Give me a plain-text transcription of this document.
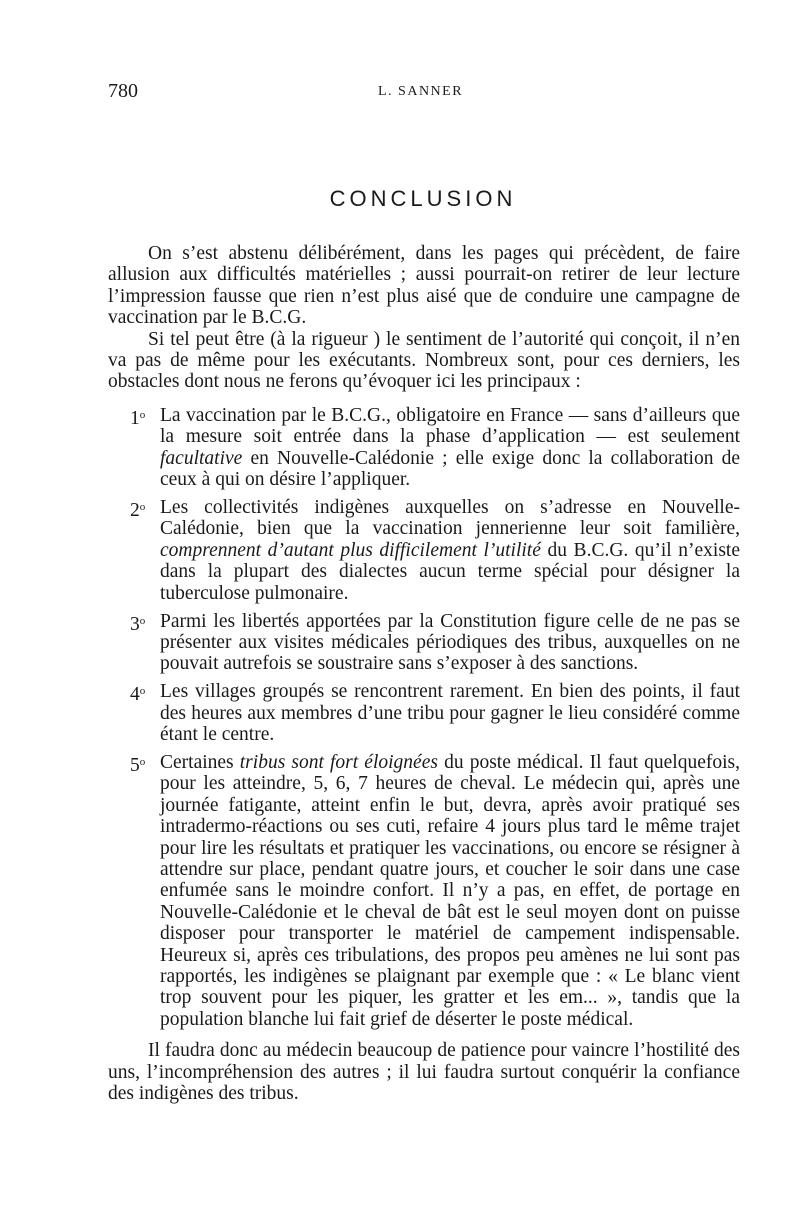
780	L. SANNER
CONCLUSION

On s’est abstenu délibérément, dans les pages qui précèdent, de faire allusion aux difficultés matérielles ; aussi pourrait-on retirer de leur lecture l’impression fausse que rien n’est plus aisé que de conduire une campagne de vaccination par le B.C.G.

Si tel peut être (à la rigueur ) le sentiment de l’autorité qui conçoit, il n’en va pas de même pour les exécutants. Nombreux sont, pour ces derniers, les obstacles dont nous ne ferons qu’évoquer ici les principaux :

1$^o$ La vaccination par le B.C.G., obligatoire en France — sans d’ailleurs que la mesure soit entrée dans la phase d’application — est seulement facultative en Nouvelle-Calédonie ; elle exige donc la collaboration de ceux à qui on désire l’appliquer.
2$^o$ Les collectivités indigènes auxquelles on s’adresse en Nouvelle-Calédonie, bien que la vaccination jennerienne leur soit familière, comprennent d’autant plus difficilement l’utilité du B.C.G. qu’il n’existe dans la plupart des dialectes aucun terme spécial pour désigner la tuberculose pulmonaire.
3$^o$ Parmi les libertés apportées par la Constitution figure celle de ne pas se présenter aux visites médicales périodiques des tribus, auxquelles on ne pouvait autrefois se soustraire sans s’exposer à des sanctions.
4$^o$ Les villages groupés se rencontrent rarement. En bien des points, il faut des heures aux membres d’une tribu pour gagner le lieu considéré comme étant le centre.
5$^o$ Certaines tribus sont fort éloignées du poste médical. Il faut quelquefois, pour les atteindre, 5, 6, 7 heures de cheval. Le médecin qui, après une journée fatigante, atteint enfin le but, devra, après avoir pratiqué ses intradermo-réactions ou ses cuti, refaire 4 jours plus tard le même trajet pour lire les résultats et pratiquer les vaccinations, ou encore se résigner à attendre sur place, pendant quatre jours, et coucher le soir dans une case enfumée sans le moindre confort. Il n’y a pas, en effet, de portage en Nouvelle-Calédonie et le cheval de bât est le seul moyen dont on puisse disposer pour transporter le matériel de campement indispensable. Heureux si, après ces tribulations, des propos peu amènes ne lui sont pas rapportés, les indigènes se plaignant par exemple que : « Le blanc vient trop souvent pour les piquer, les gratter et les em... », tandis que la population blanche lui fait grief de déserter le poste médical.

Il faudra donc au médecin beaucoup de patience pour vaincre l’hostilité des uns, l’incompréhension des autres ; il lui faudra surtout conquérir la confiance des indigènes des tribus.
